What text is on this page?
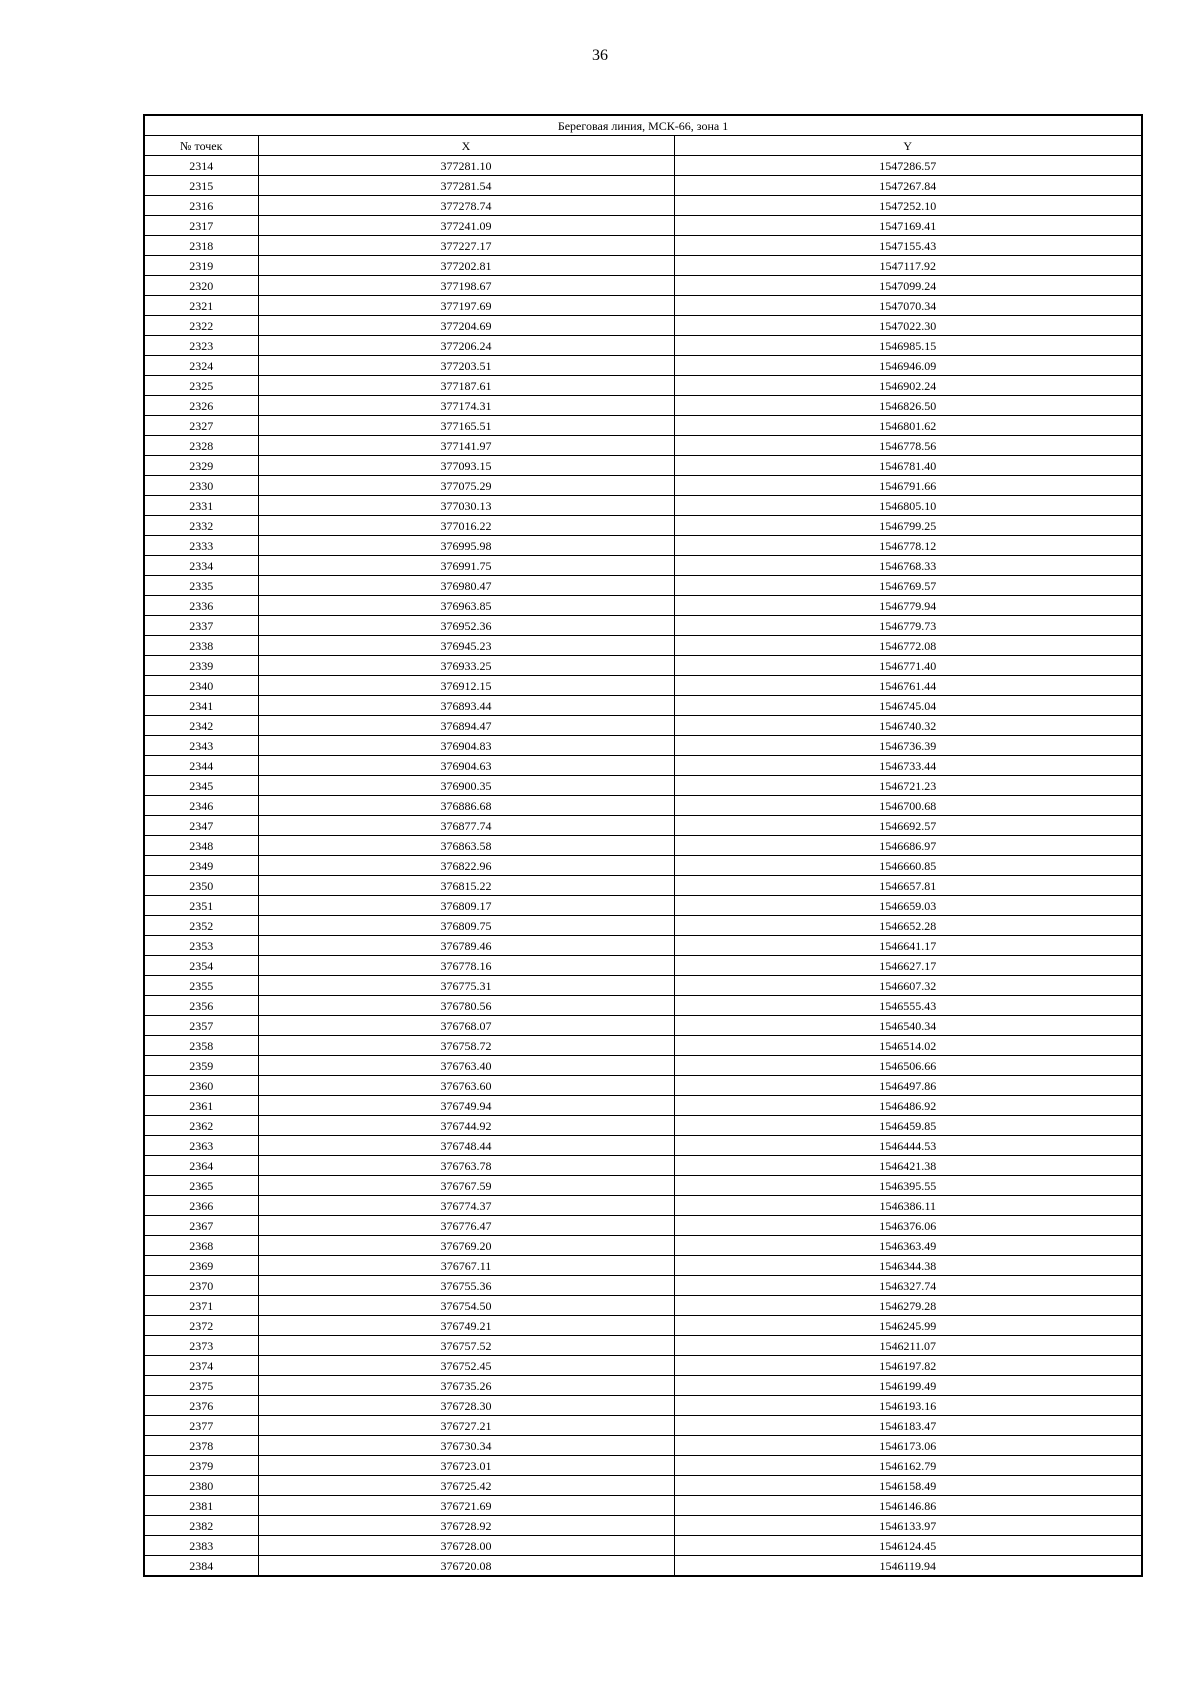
36
Береговая линия, МСК-66, зона 1		
№ точек	X	Y
2314	377281.10	1547286.57
2315	377281.54	1547267.84
2316	377278.74	1547252.10
2317	377241.09	1547169.41
2318	377227.17	1547155.43
2319	377202.81	1547117.92
2320	377198.67	1547099.24
2321	377197.69	1547070.34
2322	377204.69	1547022.30
2323	377206.24	1546985.15
2324	377203.51	1546946.09
2325	377187.61	1546902.24
2326	377174.31	1546826.50
2327	377165.51	1546801.62
2328	377141.97	1546778.56
2329	377093.15	1546781.40
2330	377075.29	1546791.66
2331	377030.13	1546805.10
2332	377016.22	1546799.25
2333	376995.98	1546778.12
2334	376991.75	1546768.33
2335	376980.47	1546769.57
2336	376963.85	1546779.94
2337	376952.36	1546779.73
2338	376945.23	1546772.08
2339	376933.25	1546771.40
2340	376912.15	1546761.44
2341	376893.44	1546745.04
2342	376894.47	1546740.32
2343	376904.83	1546736.39
2344	376904.63	1546733.44
2345	376900.35	1546721.23
2346	376886.68	1546700.68
2347	376877.74	1546692.57
2348	376863.58	1546686.97
2349	376822.96	1546660.85
2350	376815.22	1546657.81
2351	376809.17	1546659.03
2352	376809.75	1546652.28
2353	376789.46	1546641.17
2354	376778.16	1546627.17
2355	376775.31	1546607.32
2356	376780.56	1546555.43
2357	376768.07	1546540.34
2358	376758.72	1546514.02
2359	376763.40	1546506.66
2360	376763.60	1546497.86
2361	376749.94	1546486.92
2362	376744.92	1546459.85
2363	376748.44	1546444.53
2364	376763.78	1546421.38
2365	376767.59	1546395.55
2366	376774.37	1546386.11
2367	376776.47	1546376.06
2368	376769.20	1546363.49
2369	376767.11	1546344.38
2370	376755.36	1546327.74
2371	376754.50	1546279.28
2372	376749.21	1546245.99
2373	376757.52	1546211.07
2374	376752.45	1546197.82
2375	376735.26	1546199.49
2376	376728.30	1546193.16
2377	376727.21	1546183.47
2378	376730.34	1546173.06
2379	376723.01	1546162.79
2380	376725.42	1546158.49
2381	376721.69	1546146.86
2382	376728.92	1546133.97
2383	376728.00	1546124.45
2384	376720.08	1546119.94
